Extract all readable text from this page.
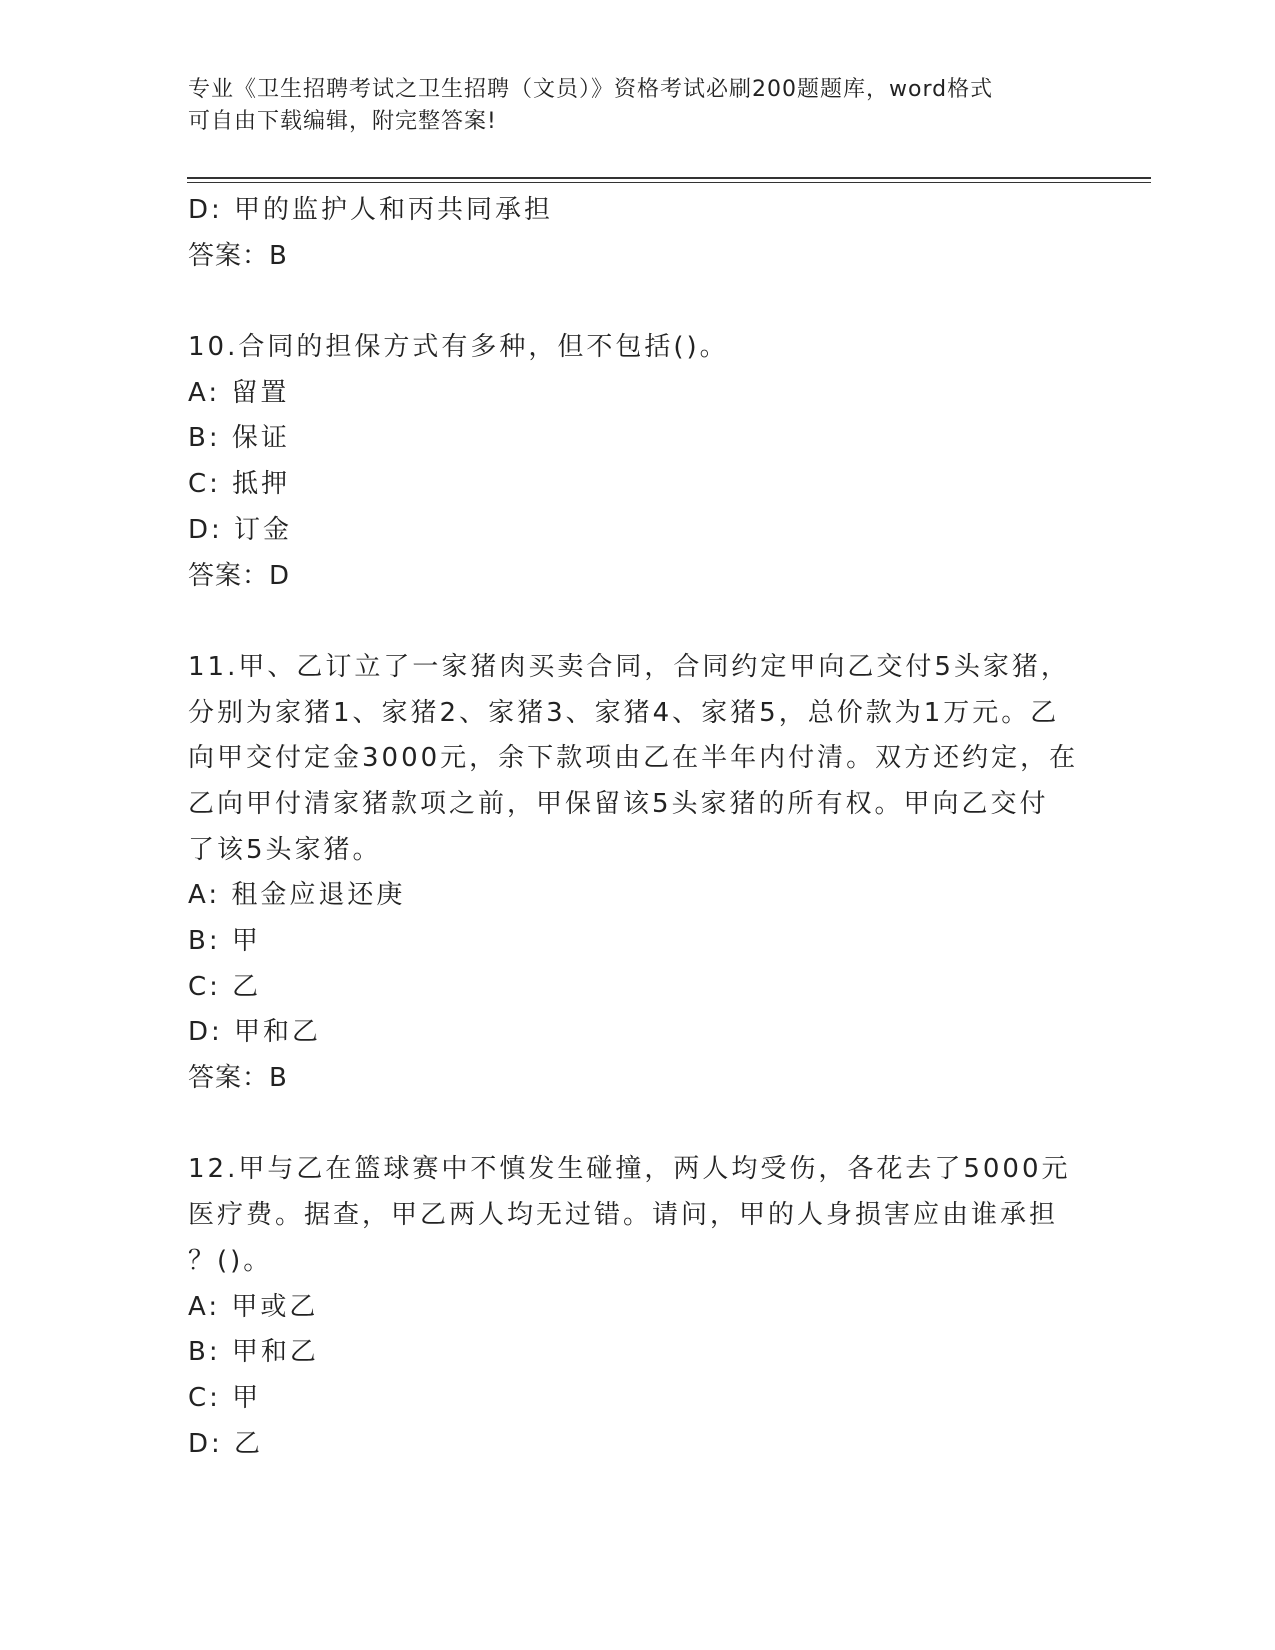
专业《卫生招聘考试之卫生招聘（文员）》资格考试必刷200题题库，word格式
可自由下载编辑，附完整答案!
D: 甲的监护人和丙共同承担
答案：B
10.合同的担保方式有多种，但不包括()。
A: 留置
B: 保证
C: 抵押
D: 订金
答案：D
11.甲、乙订立了一家猪肉买卖合同，合同约定甲向乙交付5头家猪，
分别为家猪1、家猪2、家猪3、家猪4、家猪5，总价款为1万元。乙
向甲交付定金3000元，余下款项由乙在半年内付清。双方还约定，在
乙向甲付清家猪款项之前，甲保留该5头家猪的所有权。甲向乙交付
了该5头家猪。
A: 租金应退还庚
B: 甲
C: 乙
D: 甲和乙
答案：B
12.甲与乙在篮球赛中不慎发生碰撞，两人均受伤，各花去了5000元
医疗费。据查，甲乙两人均无过错。请问，甲的人身损害应由谁承担
？()。
A: 甲或乙
B: 甲和乙
C: 甲
D: 乙
